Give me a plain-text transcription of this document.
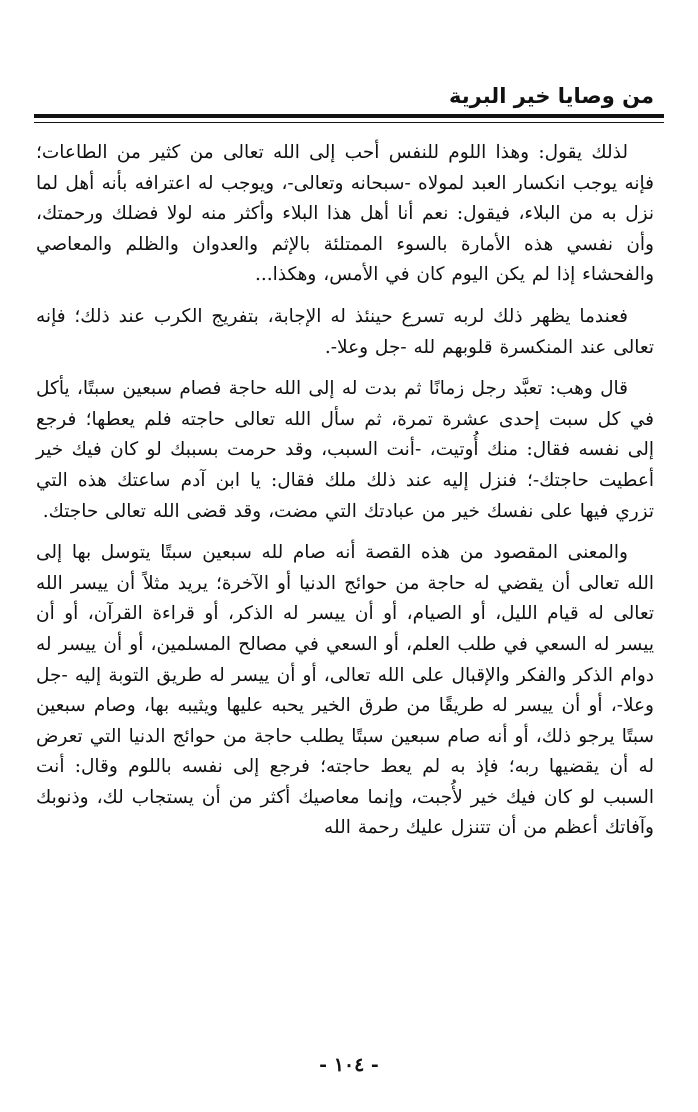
من وصايا خير البرية

لذلك يقول: وهذا اللوم للنفس أحب إلى الله تعالى من كثير من الطاعات؛ فإنه يوجب انكسار العبد لمولاه -سبحانه وتعالى-، ويوجب له اعترافه بأنه أهل لما نزل به من البلاء، فيقول: نعم أنا أهل هذا البلاء وأكثر منه لولا فضلك ورحمتك، وأن نفسي هذه الأمارة بالسوء الممتلئة بالإثم والعدوان والظلم والمعاصي والفحشاء إذا لم يكن اليوم كان في الأمس، وهكذا...

فعندما يظهر ذلك لربه تسرع حينئذ له الإجابة، بتفريج الكرب عند ذلك؛ فإنه تعالى عند المنكسرة قلوبهم لله -جل وعلا-.

قال وهب: تعبَّد رجل زمانًا ثم بدت له إلى الله حاجة فصام سبعين سبتًا، يأكل في كل سبت إحدى عشرة تمرة، ثم سأل الله تعالى حاجته فلم يعطها؛ فرجع إلى نفسه فقال: منك أُوتيت، -أنت السبب، وقد حرمت بسببك لو كان فيك خير أعطيت حاجتك-؛ فنزل إليه عند ذلك ملك فقال: يا ابن آدم ساعتك هذه التي تزري فيها على نفسك خير من عبادتك التي مضت، وقد قضى الله تعالى حاجتك.

والمعنى المقصود من هذه القصة أنه صام لله سبعين سبتًا يتوسل بها إلى الله تعالى أن يقضي له حاجة من حوائج الدنيا أو الآخرة؛ يريد مثلاً أن ييسر الله تعالى له قيام الليل، أو الصيام، أو أن ييسر له الذكر، أو قراءة القرآن، أو أن ييسر له السعي في طلب العلم، أو السعي في مصالح المسلمين، أو أن ييسر له دوام الذكر والفكر والإقبال على الله تعالى، أو أن ييسر له طريق التوبة إليه -جل وعلا-، أو أن ييسر له طريقًا من طرق الخير يحبه عليها ويثيبه بها، وصام سبعين سبتًا يرجو ذلك، أو أنه صام سبعين سبتًا يطلب حاجة من حوائج الدنيا التي تعرض له أن يقضيها ربه؛ فإذ به لم يعط حاجته؛ فرجع إلى نفسه باللوم وقال: أنت السبب لو كان فيك خير لأُجبت، وإنما معاصيك أكثر من أن يستجاب لك، وذنوبك وآفاتك أعظم من أن تتنزل عليك رحمة الله

- ١٠٤ -
